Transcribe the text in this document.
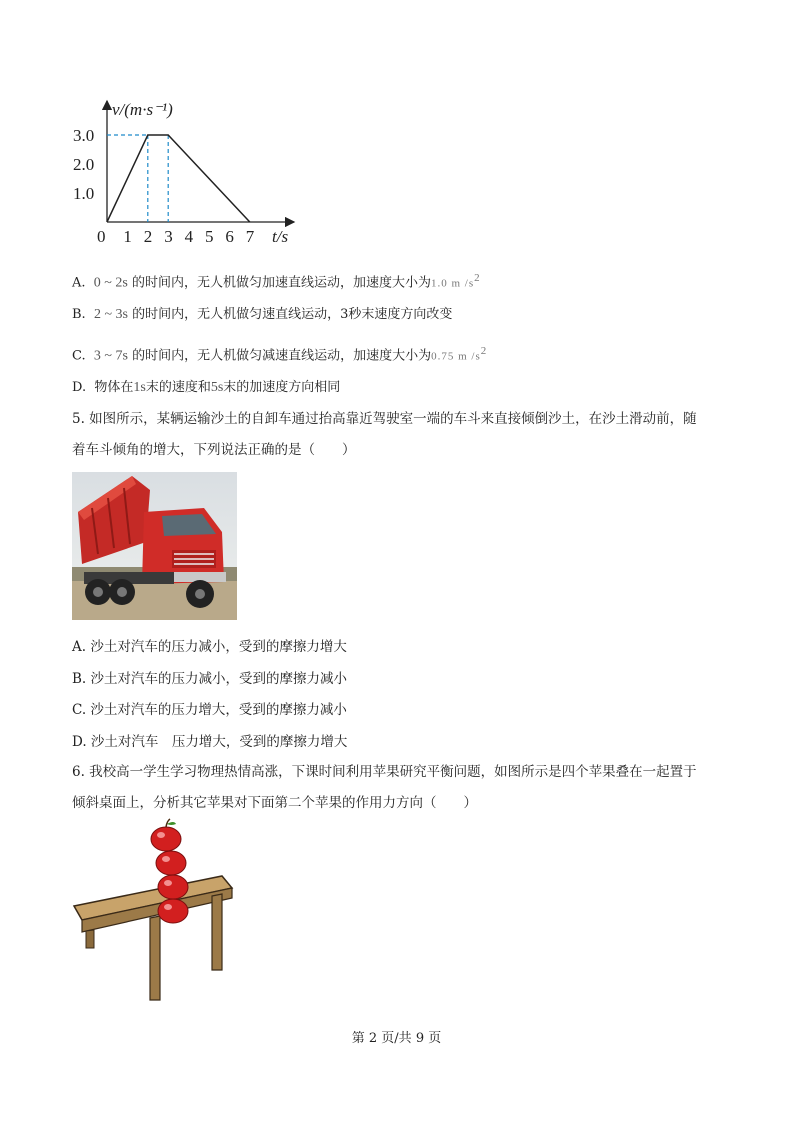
0 1 2 3 4 5 6 7
1.0
2.0
3.0
v/(m·s⁻¹)
t/s
A. 0 ~ 2s 的时间内，无人机做匀加速直线运动，加速度大小为1.0 m $/s^2$
B. 2 ~ 3s 的时间内，无人机做匀速直线运动，3秒末速度方向改变
C. 3 ~ 7s 的时间内，无人机做匀减速直线运动，加速度大小为0.75 m $/s^2$
D. 物体在1s末的速度和5s末的加速度方向相同
5. 如图所示，某辆运输沙土的自卸车通过抬高靠近驾驶室一端的车斗来直接倾倒沙土，在沙土滑动前，随
着车斗倾角的增大，下列说法正确的是（　　）
A. 沙土对汽车的压力减小，受到的摩擦力增大
B. 沙土对汽车的压力减小，受到的摩擦力减小
C. 沙土对汽车的压力增大，受到的摩擦力减小
D. 沙土对汽车　压力增大，受到的摩擦力增大
6. 我校高一学生学习物理热情高涨，下课时间利用苹果研究平衡问题，如图所示是四个苹果叠在一起置于
倾斜桌面上，分析其它苹果对下面第二个苹果的作用力方向（　　）
第 2 页/共 9 页
